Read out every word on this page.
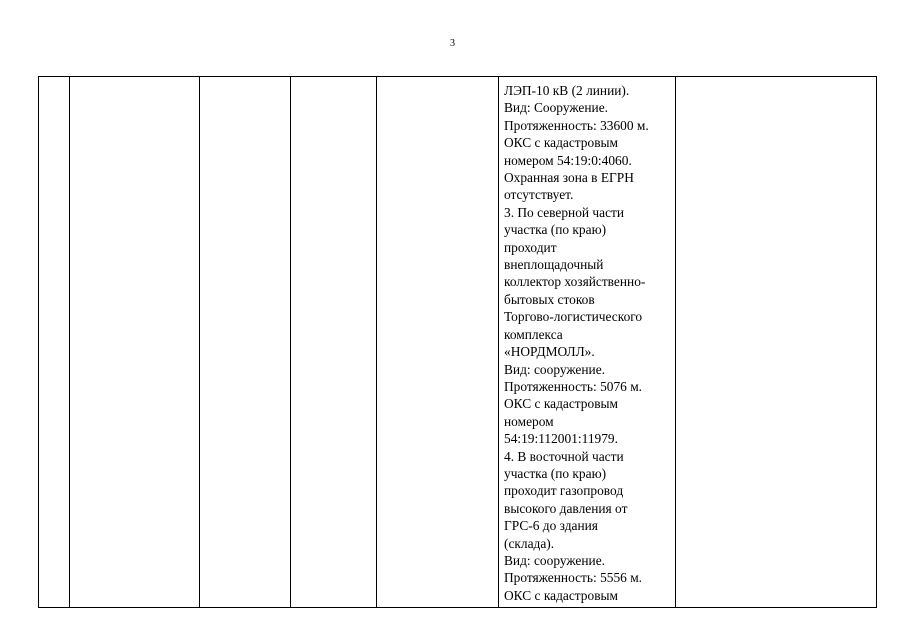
3

ЛЭП-10 кВ (2 линии).
Вид: Сооружение.
Протяженность: 33600 м.
ОКС с кадастровым
номером 54:19:0:4060.
Охранная зона в ЕГРН
отсутствует.
3. По северной части
участка (по краю)
проходит
внеплощадочный
коллектор хозяйственно-
бытовых стоков
Торгово-логистического
комплекса
«НОРДМОЛЛ».
Вид: сооружение.
Протяженность: 5076 м.
ОКС с кадастровым
номером
54:19:112001:11979.
4. В восточной части
участка (по краю)
проходит газопровод
высокого давления от
ГРС-6 до здания
(склада).
Вид: сооружение.
Протяженность: 5556 м.
ОКС с кадастровым
